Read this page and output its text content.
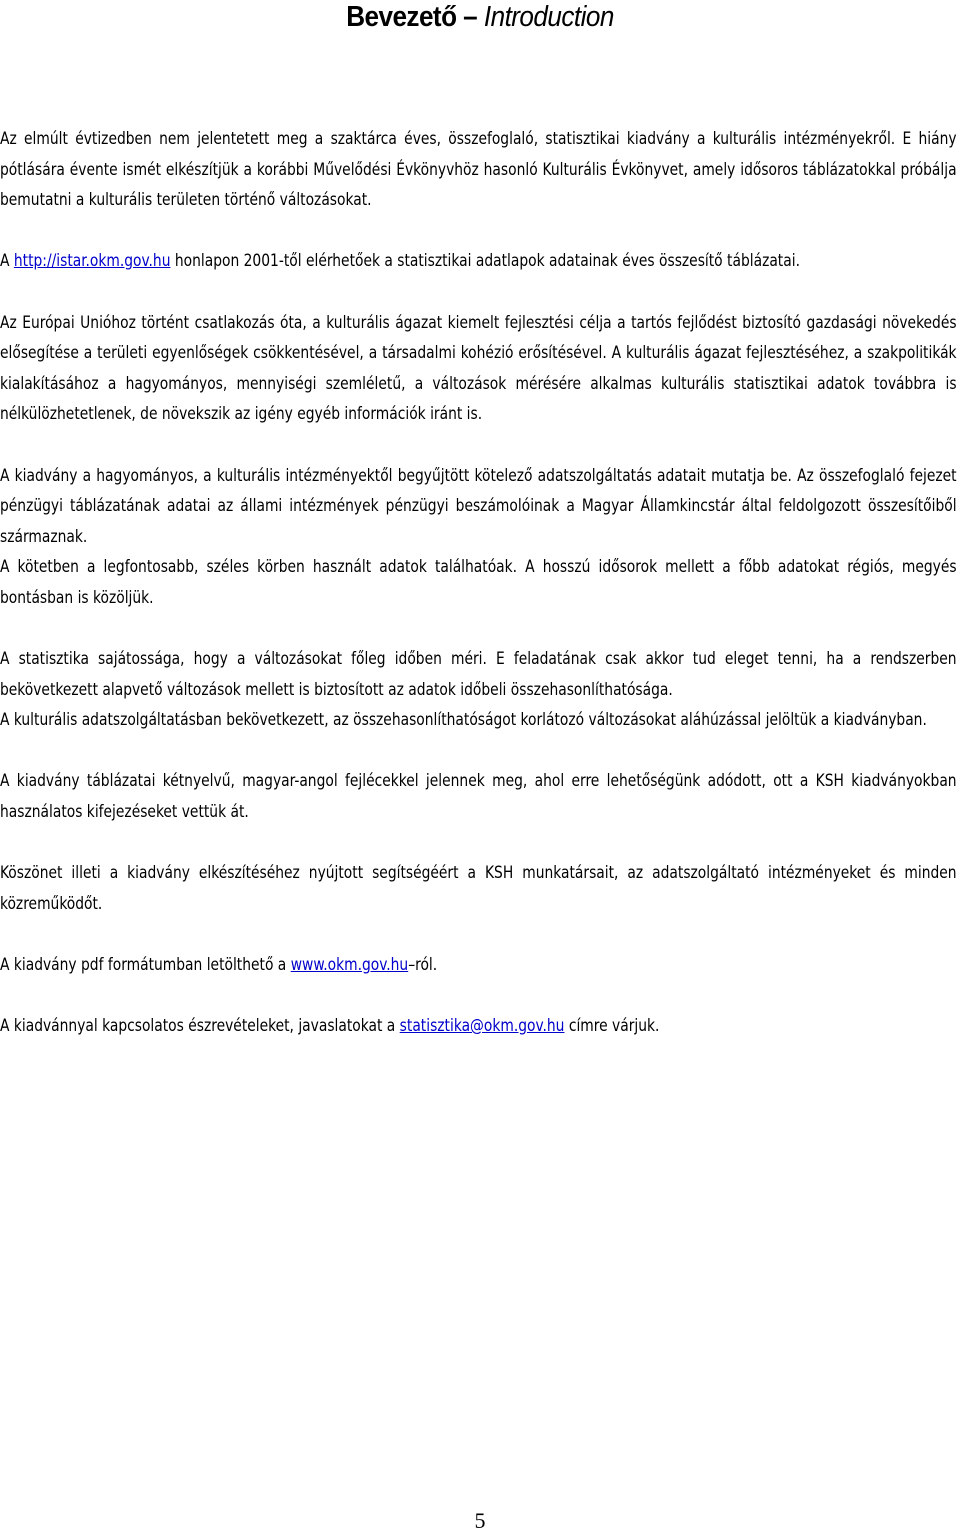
Bevezető – Introduction

Az elmúlt évtizedben nem jelentetett meg a szaktárca éves, összefoglaló, statisztikai kiadvány a kulturális intézményekről. E hiány pótlására évente ismét elkészítjük a korábbi Művelődési Évkönyvhöz hasonló Kulturális Évkönyvet, amely idősoros táblázatokkal próbálja bemutatni a kulturális területen történő változásokat.

A http://istar.okm.gov.hu honlapon 2001-től elérhetőek a statisztikai adatlapok adatainak éves összesítő táblázatai.

Az Európai Unióhoz történt csatlakozás óta, a kulturális ágazat kiemelt fejlesztési célja a tartós fejlődést biztosító gazdasági növekedés elősegítése a területi egyenlőségek csökkentésével, a társadalmi kohézió erősítésével. A kulturális ágazat fejlesztéséhez, a szakpolitikák kialakításához a hagyományos, mennyiségi szemléletű, a változások mérésére alkalmas kulturális statisztikai adatok továbbra is nélkülözhetetlenek, de növekszik az igény egyéb információk iránt is.

A kiadvány a hagyományos, a kulturális intézményektől begyűjtött kötelező adatszolgáltatás adatait mutatja be. Az összefoglaló fejezet pénzügyi táblázatának adatai az állami intézmények pénzügyi beszámolóinak a Magyar Államkincstár által feldolgozott összesítőiből származnak.

A kötetben a legfontosabb, széles körben használt adatok találhatóak. A hosszú idősorok mellett a főbb adatokat régiós, megyés bontásban is közöljük.

A statisztika sajátossága, hogy a változásokat főleg időben méri. E feladatának csak akkor tud eleget tenni, ha a rendszerben bekövetkezett alapvető változások mellett is biztosított az adatok időbeli összehasonlíthatósága.

A kulturális adatszolgáltatásban bekövetkezett, az összehasonlíthatóságot korlátozó változásokat aláhúzással jelöltük a kiadványban.

A kiadvány táblázatai kétnyelvű, magyar-angol fejlécekkel jelennek meg, ahol erre lehetőségünk adódott, ott a KSH kiadványokban használatos kifejezéseket vettük át.

Köszönet illeti a kiadvány elkészítéséhez nyújtott segítségéért a KSH munkatársait, az adatszolgáltató intézményeket és minden közreműködőt.

A kiadvány pdf formátumban letölthető a www.okm.gov.hu–ról.

A kiadvánnyal kapcsolatos észrevételeket, javaslatokat a statisztika@okm.gov.hu címre várjuk.

5
